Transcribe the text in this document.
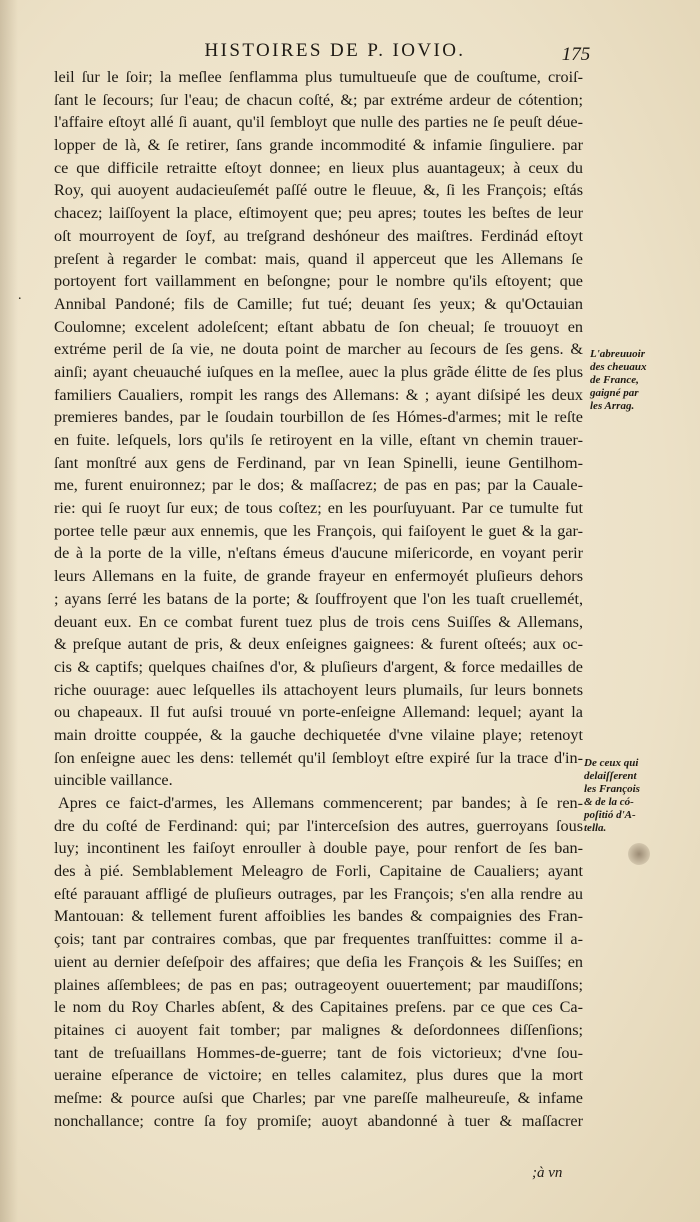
HISTOIRES DE P. IOVIO.	175
.
leil ſur le ſoir; la meſlee ſenflamma plus tumultueuſe que de couſtume, croiſ-
ſant le ſecours; ſur l'eau; de chacun coſté, &; par extréme ardeur de cótention;
l'affaire eſtoyt allé ſi auant, qu'il ſembloyt que nulle des parties ne ſe peuſt déue-
lopper de là, & ſe retirer, ſans grande incommodité & infamie ſinguliere. par
ce que difficile retraitte eſtoyt donnee; en lieux plus auantageux; à ceux du
Roy, qui auoyent audacieuſemét paſſé outre le fleuue, &, ſi les François; eſtás
chacez; laiſſoyent la place, eſtimoyent que; peu apres; toutes les beſtes de leur
oſt mourroyent de ſoyf, au treſgrand deshóneur des maiſtres. Ferdinád eſtoyt
preſent à regarder le combat: mais, quand il apperceut que les Allemans ſe
portoyent fort vaillamment en beſongne; pour le nombre qu'ils eſtoyent; que
Annibal Pandoné; fils de Camille; fut tué; deuant ſes yeux; & qu'Octauian
Coulomne; excelent adoleſcent; eſtant abbatu de ſon cheual; ſe trouuoyt en
extréme peril de ſa vie, ne douta point de marcher au ſecours de ſes gens. &
ainſi; ayant cheuauché iuſques en la meſlee, auec la plus grãde élitte de ſes plus
familiers Caualiers, rompit les rangs des Allemans: & ; ayant diſsipé les deux
premieres bandes, par le ſoudain tourbillon de ſes Hómes-d'armes; mit le reſte
en fuite. leſquels, lors qu'ils ſe retiroyent en la ville, eſtant vn chemin trauer-
ſant monſtré aux gens de Ferdinand, par vn Iean Spinelli, ieune Gentilhom-
me, furent enuironnez; par le dos; & maſſacrez; de pas en pas; par la Cauale-
rie: qui ſe ruoyt ſur eux; de tous coſtez; en les pourſuyuant. Par ce tumulte fut
portee telle pæur aux ennemis, que les François, qui faiſoyent le guet & la gar-
de à la porte de la ville, n'eſtans émeus d'aucune miſericorde, en voyant perir
leurs Allemans en la fuite, de grande frayeur en enfermoyét pluſieurs dehors
; ayans ſerré les batans de la porte; & ſouffroyent que l'on les tuaſt cruellemét,
deuant eux. En ce combat furent tuez plus de trois cens Suiſſes & Allemans,
& preſque autant de pris, & deux enſeignes gaignees: & furent oſteés; aux oc-
cis & captifs; quelques chaiſnes d'or, & pluſieurs d'argent, & force medailles de
riche ouurage: auec leſquelles ils attachoyent leurs plumails, ſur leurs bonnets
ou chapeaux. Il fut auſsi trouué vn porte-enſeigne Allemand: lequel; ayant la
main droitte couppée, & la gauche dechiquetée d'vne vilaine playe; retenoyt
ſon enſeigne auec les dens: tellemét qu'il ſembloyt eſtre expiré ſur la trace d'in-
uincible vaillance.
Apres ce faict-d'armes, les Allemans commencerent; par bandes; à ſe ren-
dre du coſté de Ferdinand: qui; par l'interceſsion des autres, guerroyans ſous
luy; incontinent les faiſoyt enrouller à double paye, pour renfort de ſes ban-
des à pié. Semblablement Meleagro de Forli, Capitaine de Caualiers; ayant
eſté parauant affligé de pluſieurs outrages, par les François; s'en alla rendre au
Mantouan: & tellement furent affoiblies les bandes & compaignies des Fran-
çois; tant par contraires combas, que par frequentes tranſfuittes: comme il a-
uient au dernier deſeſpoir des affaires; que deſia les François & les Suiſſes; en
plaines aſſemblees; de pas en pas; outrageoyent ouuertement; par maudiſſons;
le nom du Roy Charles abſent, & des Capitaines preſens. par ce que ces Ca-
pitaines ci auoyent fait tomber; par malignes & deſordonnees diſſenſions;
tant de treſuaillans Hommes-de-guerre; tant de fois victorieux; d'vne ſou-
ueraine eſperance de victoire; en telles calamitez, plus dures que la mort
meſme: & pource auſsi que Charles; par vne pareſſe malheureuſe, & infame
nonchallance; contre ſa foy promiſe; auoyt abandonné à tuer & maſſacrer
L'abreuuoir
des cheuaux
de France,
gaigné par
les Arrag.
De ceux qui
delaiſſerent
les François
& de la có-
poſitió d'A-
tella.
;à vn
